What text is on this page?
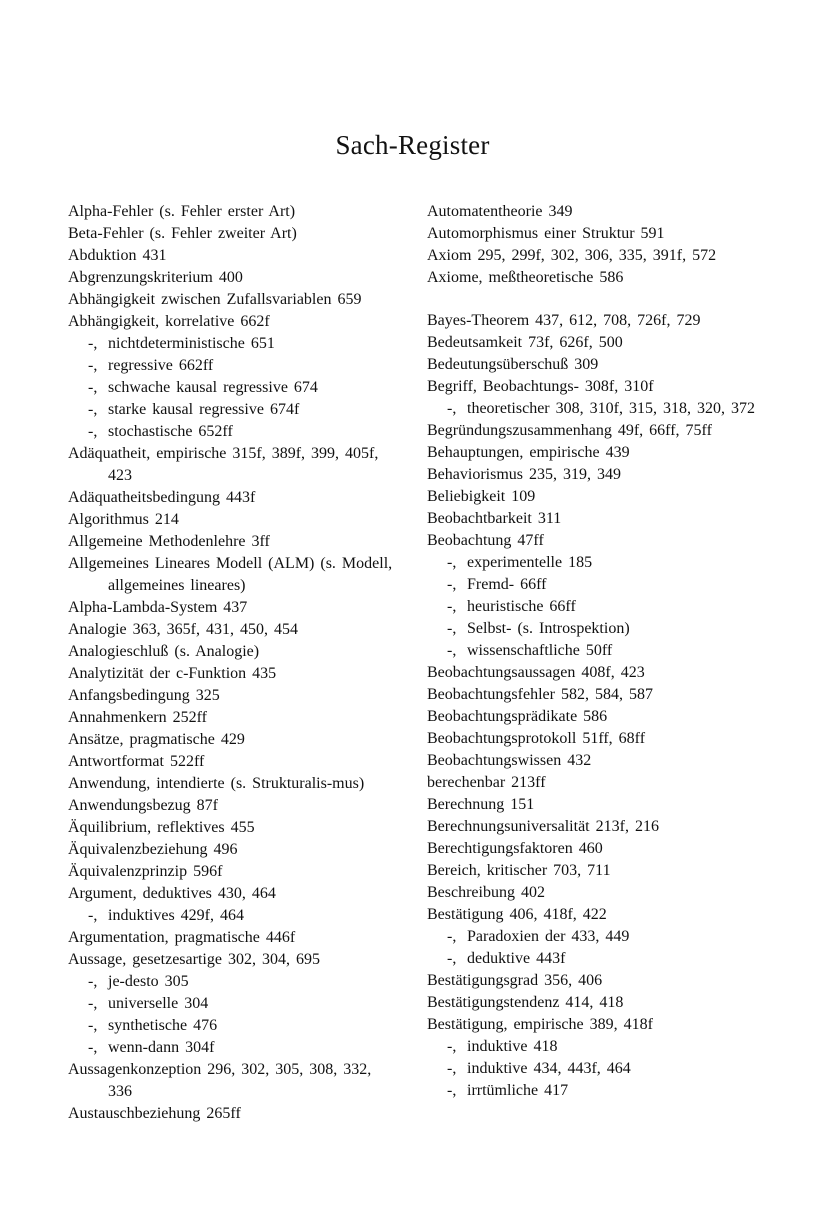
Sach-Register

Alpha-Fehler (s. Fehler erster Art)

Beta-Fehler (s. Fehler zweiter Art)

Abduktion 431

Abgrenzungskriterium 400

Abhängigkeit zwischen Zufallsvariablen 659

Abhängigkeit, korrelative 662f

-, nichtdeterministische 651

-, regressive 662ff

-, schwache kausal regressive 674

-, starke kausal regressive 674f

-, stochastische 652ff

Adäquatheit, empirische 315f, 389f, 399, 405f, 423

Adäquatheitsbedingung 443f

Algorithmus 214

Allgemeine Methodenlehre 3ff

Allgemeines Lineares Modell (ALM) (s. Modell, allgemeines lineares)

Alpha-Lambda-System 437

Analogie 363, 365f, 431, 450, 454

Analogieschluß (s. Analogie)

Analytizität der c-Funktion 435

Anfangsbedingung 325

Annahmenkern 252ff

Ansätze, pragmatische 429

Antwortformat 522ff

Anwendung, intendierte (s. Strukturalis-mus)

Anwendungsbezug 87f

Äquilibrium, reflektives 455

Äquivalenzbeziehung 496

Äquivalenzprinzip 596f

Argument, deduktives 430, 464

-, induktives 429f, 464

Argumentation, pragmatische 446f

Aussage, gesetzesartige 302, 304, 695

-, je-desto 305

-, universelle 304

-, synthetische 476

-, wenn-dann 304f

Aussagenkonzeption 296, 302, 305, 308, 332, 336

Austauschbeziehung 265ff

Automatentheorie 349

Automorphismus einer Struktur 591

Axiom 295, 299f, 302, 306, 335, 391f, 572

Axiome, meßtheoretische 586

Bayes-Theorem 437, 612, 708, 726f, 729

Bedeutsamkeit 73f, 626f, 500

Bedeutungsüberschuß 309

Begriff, Beobachtungs- 308f, 310f

-, theoretischer 308, 310f, 315, 318, 320, 372

Begründungszusammenhang 49f, 66ff, 75ff

Behauptungen, empirische 439

Behaviorismus 235, 319, 349

Beliebigkeit 109

Beobachtbarkeit 311

Beobachtung 47ff

-, experimentelle 185

-, Fremd- 66ff

-, heuristische 66ff

-, Selbst- (s. Introspektion)

-, wissenschaftliche 50ff

Beobachtungsaussagen 408f, 423

Beobachtungsfehler 582, 584, 587

Beobachtungsprädikate 586

Beobachtungsprotokoll 51ff, 68ff

Beobachtungswissen 432

berechenbar 213ff

Berechnung 151

Berechnungsuniversalität 213f, 216

Berechtigungsfaktoren 460

Bereich, kritischer 703, 711

Beschreibung 402

Bestätigung 406, 418f, 422

-, Paradoxien der 433, 449

-, deduktive 443f

Bestätigungsgrad 356, 406

Bestätigungstendenz 414, 418

Bestätigung, empirische 389, 418f

-, induktive 418

-, induktive 434, 443f, 464

-, irrtümliche 417
